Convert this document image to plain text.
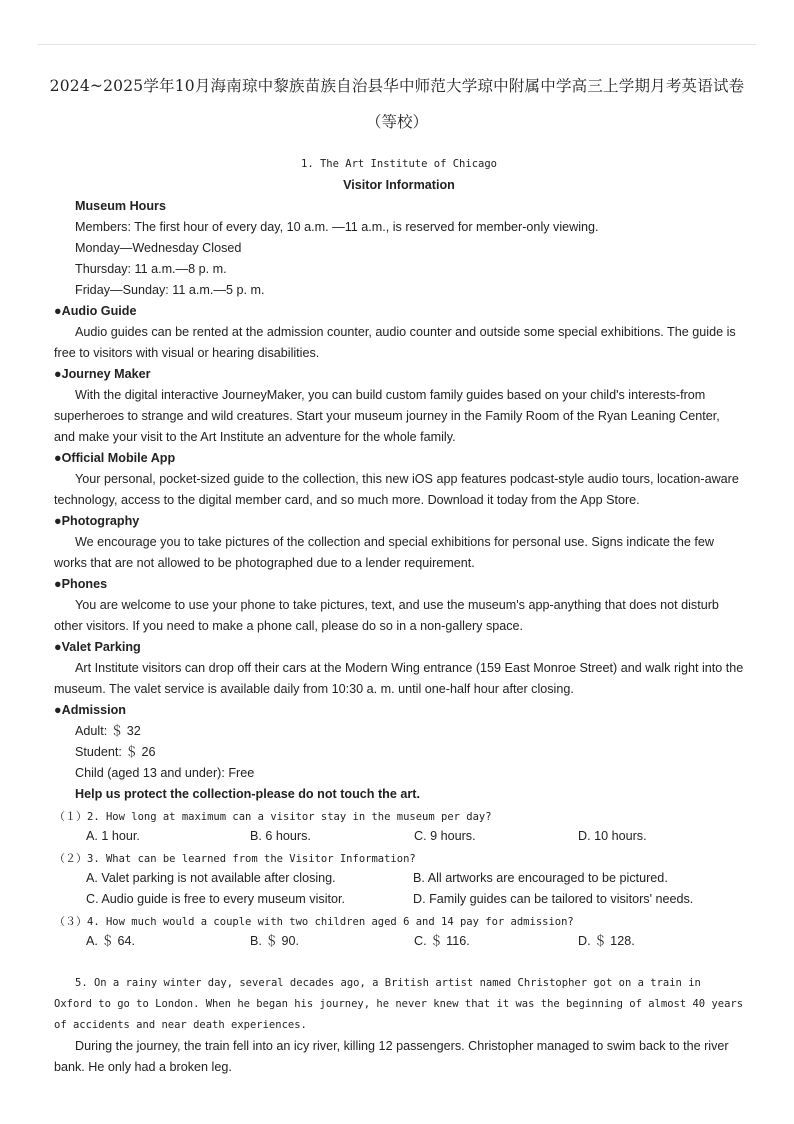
2024~2025学年10月海南琼中黎族苗族自治县华中师范大学琼中附属中学高三上学期月考英语试卷
（等校）
1. The Art Institute of Chicago
Visitor Information
Museum Hours
Members: The first hour of every day, 10 a.m. —11 a.m., is reserved for member-only viewing.
Monday—Wednesday Closed
Thursday: 11 a.m.—8 p. m.
Friday—Sunday: 11 a.m.—5 p. m.
●Audio Guide
Audio guides can be rented at the admission counter, audio counter and outside some special exhibitions. The guide is free to visitors with visual or hearing disabilities.
●Journey Maker
With the digital interactive JourneyMaker, you can build custom family guides based on your child's interests-from superheroes to strange and wild creatures. Start your museum journey in the Family Room of the Ryan Leaning Center, and make your visit to the Art Institute an adventure for the whole family.
●Official Mobile App
Your personal, pocket-sized guide to the collection, this new iOS app features podcast-style audio tours, location-aware technology, access to the digital member card, and so much more. Download it today from the App Store.
●Photography
We encourage you to take pictures of the collection and special exhibitions for personal use. Signs indicate the few works that are not allowed to be photographed due to a lender requirement.
●Phones
You are welcome to use your phone to take pictures, text, and use the museum's app-anything that does not disturb other visitors. If you need to make a phone call, please do so in a non-gallery space.
●Valet Parking
Art Institute visitors can drop off their cars at the Modern Wing entrance (159 East Monroe Street) and walk right into the museum. The valet service is available daily from 10:30 a. m. until one-half hour after closing.
●Admission
Adult: ＄ 32
Student: ＄ 26
Child (aged 13 and under): Free
Help us protect the collection-please do not touch the art.
（１）2. How long at maximum can a visitor stay in the museum per day?
A. 1 hour.	B. 6 hours.	C. 9 hours.	D. 10 hours.
（２）3. What can be learned from the Visitor Information?
A. Valet parking is not available after closing.	B. All artworks are encouraged to be pictured.
C. Audio guide is free to every museum visitor.	D. Family guides can be tailored to visitors' needs.
（３）4. How much would a couple with two children aged 6 and 14 pay for admission?
A. ＄ 64.	B. ＄ 90.	C. ＄ 116.	D. ＄ 128.
5. On a rainy winter day, several decades ago, a British artist named Christopher got on a train in Oxford to go to London. When he began his journey, he never knew that it was the beginning of almost 40 years of accidents and near death experiences.
During the journey, the train fell into an icy river, killing 12 passengers. Christopher managed to swim back to the river bank. He only had a broken leg.
